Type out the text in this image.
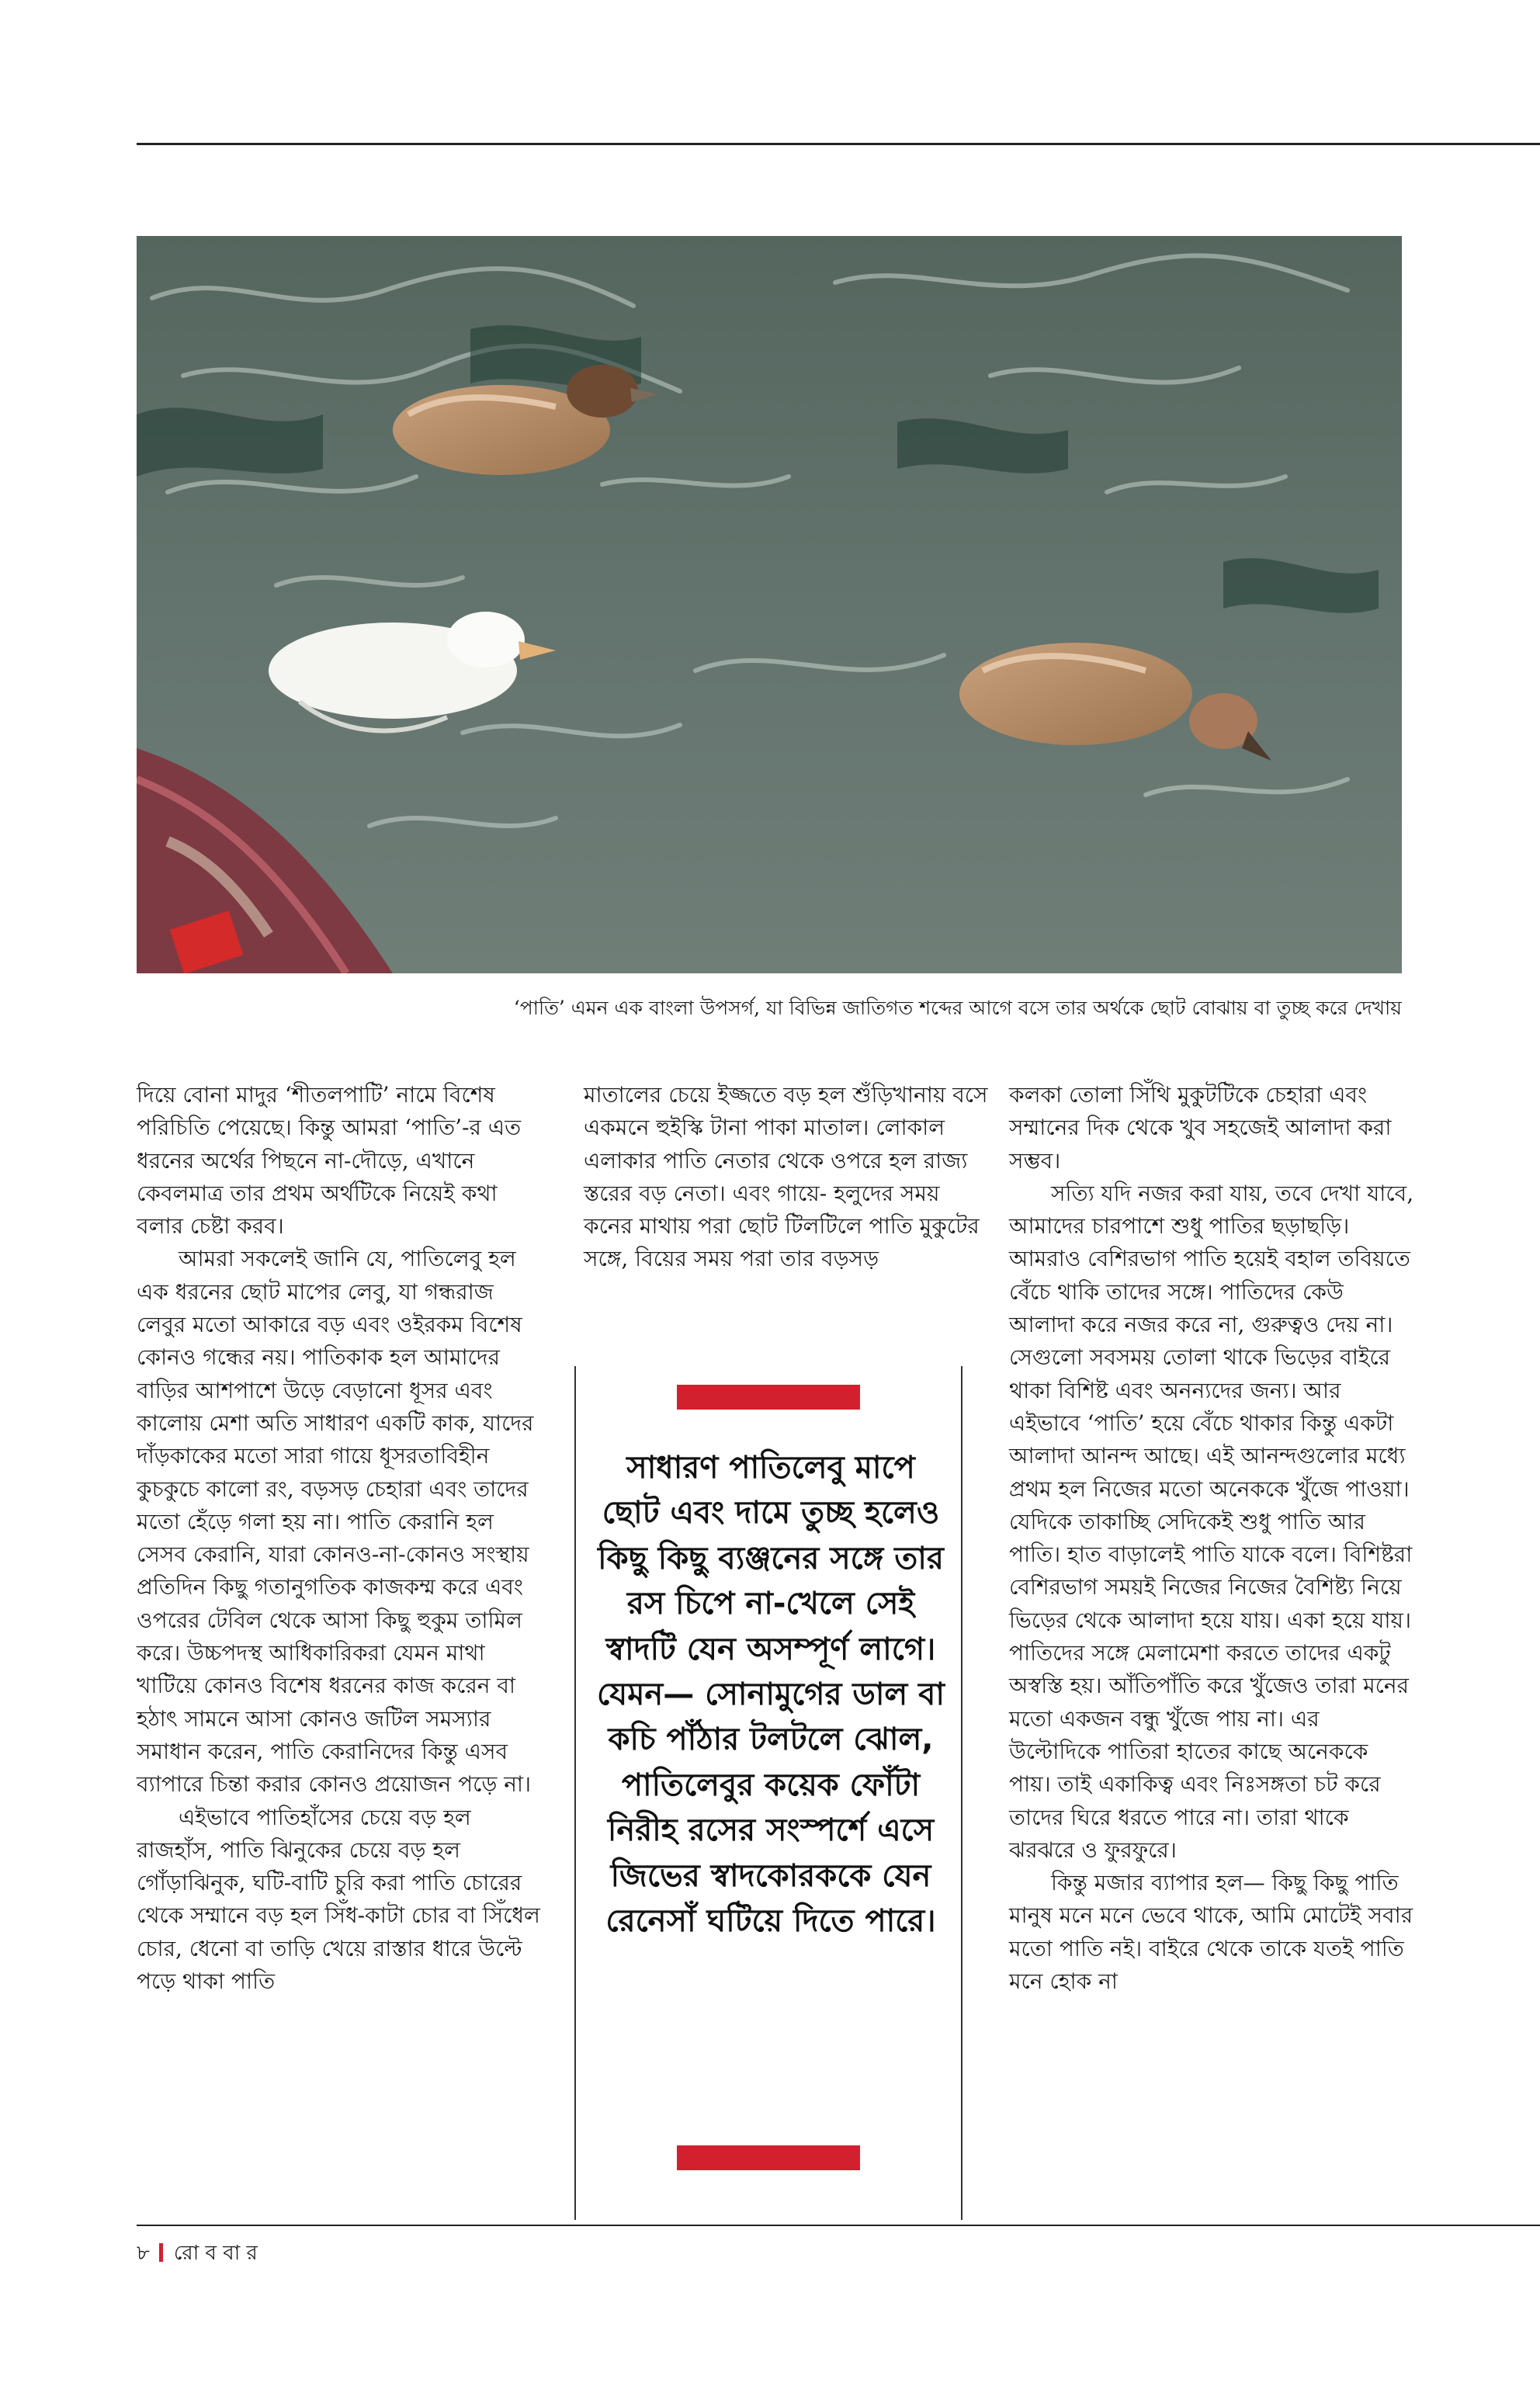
‘পাতি’ এমন এক বাংলা উপসর্গ, যা বিভিন্ন জাতিগত শব্দের আগে বসে তার অর্থকে ছোট বোঝায় বা তুচ্ছ করে দেখায়

দিয়ে বোনা মাদুর ‘শীতলপাটি’ নামে বিশেষ পরিচিতি পেয়েছে। কিন্তু আমরা ‘পাতি’-র এত ধরনের অর্থের পিছনে না-দৌড়ে, এখানে কেবলমাত্র তার প্রথম অর্থটিকে নিয়েই কথা বলার চেষ্টা করব।

আমরা সকলেই জানি যে, পাতিলেবু হল এক ধরনের ছোট মাপের লেবু, যা গন্ধরাজ লেবুর মতো আকারে বড় এবং ওইরকম বিশেষ কোনও গন্ধের নয়। পাতিকাক হল আমাদের বাড়ির আশপাশে উড়ে বেড়ানো ধূসর এবং কালোয় মেশা অতি সাধারণ একটি কাক, যাদের দাঁড়কাকের মতো সারা গায়ে ধূসরতাবিহীন কুচকুচে কালো রং, বড়সড় চেহারা এবং তাদের মতো হেঁড়ে গলা হয় না। পাতি কেরানি হল সেসব কেরানি, যারা কোনও-না-কোনও সংস্থায় প্রতিদিন কিছু গতানুগতিক কাজকম্ম করে এবং ওপরের টেবিল থেকে আসা কিছু হুকুম তামিল করে। উচ্চপদস্থ আধিকারিকরা যেমন মাথা খাটিয়ে কোনও বিশেষ ধরনের কাজ করেন বা হঠাৎ সামনে আসা কোনও জটিল সমস্যার সমাধান করেন, পাতি কেরানিদের কিন্তু এসব ব্যাপারে চিন্তা করার কোনও প্রয়োজন পড়ে না।

এইভাবে পাতিহাঁসের চেয়ে বড় হল রাজহাঁস, পাতি ঝিনুকের চেয়ে বড় হল গোঁড়াঝিনুক, ঘটি-বাটি চুরি করা পাতি চোরের থেকে সম্মানে বড় হল সিঁধ-কাটা চোর বা সিঁধেল চোর, ধেনো বা তাড়ি খেয়ে রাস্তার ধারে উল্টে পড়ে থাকা পাতি

মাতালের চেয়ে ইজ্জতে বড় হল শুঁড়িখানায় বসে একমনে হুইস্কি টানা পাকা মাতাল। লোকাল এলাকার পাতি নেতার থেকে ওপরে হল রাজ্য স্তরের বড় নেতা। এবং গায়ে- হলুদের সময় কনের মাথায় পরা ছোট টিলটিলে পাতি মুকুটের সঙ্গে, বিয়ের সময় পরা তার বড়সড়

সাধারণ পাতিলেবু মাপে ছোট এবং দামে তুচ্ছ হলেও কিছু কিছু ব্যঞ্জনের সঙ্গে তার রস চিপে না-খেলে সেই স্বাদটি যেন অসম্পূর্ণ লাগে। যেমন— সোনামুগের ডাল বা কচি পাঁঠার টলটলে ঝোল, পাতিলেবুর কয়েক ফোঁটা নিরীহ রসের সংস্পর্শে এসে জিভের স্বাদকোরককে যেন রেনেসাঁ ঘটিয়ে দিতে পারে।

কলকা তোলা সিঁথি মুকুটটিকে চেহারা এবং সম্মানের দিক থেকে খুব সহজেই আলাদা করা সম্ভব।

সত্যি যদি নজর করা যায়, তবে দেখা যাবে, আমাদের চারপাশে শুধু পাতির ছড়াছড়ি। আমরাও বেশিরভাগ পাতি হয়েই বহাল তবিয়তে বেঁচে থাকি তাদের সঙ্গে। পাতিদের কেউ আলাদা করে নজর করে না, গুরুত্বও দেয় না। সেগুলো সবসময় তোলা থাকে ভিড়ের বাইরে থাকা বিশিষ্ট এবং অনন্যদের জন্য। আর এইভাবে ‘পাতি’ হয়ে বেঁচে থাকার কিন্তু একটা আলাদা আনন্দ আছে। এই আনন্দগুলোর মধ্যে প্রথম হল নিজের মতো অনেককে খুঁজে পাওয়া। যেদিকে তাকাচ্ছি সেদিকেই শুধু পাতি আর পাতি। হাত বাড়ালেই পাতি যাকে বলে। বিশিষ্টরা বেশিরভাগ সময়ই নিজের নিজের বৈশিষ্ট্য নিয়ে ভিড়ের থেকে আলাদা হয়ে যায়। একা হয়ে যায়। পাতিদের সঙ্গে মেলামেশা করতে তাদের একটু অস্বস্তি হয়। আঁতিপাঁতি করে খুঁজেও তারা মনের মতো একজন বন্ধু খুঁজে পায় না। এর উল্টোদিকে পাতিরা হাতের কাছে অনেককে পায়। তাই একাকিত্ব এবং নিঃসঙ্গতা চট করে তাদের ঘিরে ধরতে পারে না। তারা থাকে ঝরঝরে ও ফুরফুরে।

কিন্তু মজার ব্যাপার হল— কিছু কিছু পাতি মানুষ মনে মনে ভেবে থাকে, আমি মোটেই সবার মতো পাতি নই। বাইরে থেকে তাকে যতই পাতি মনে হোক না

৮ রো ব বা র
